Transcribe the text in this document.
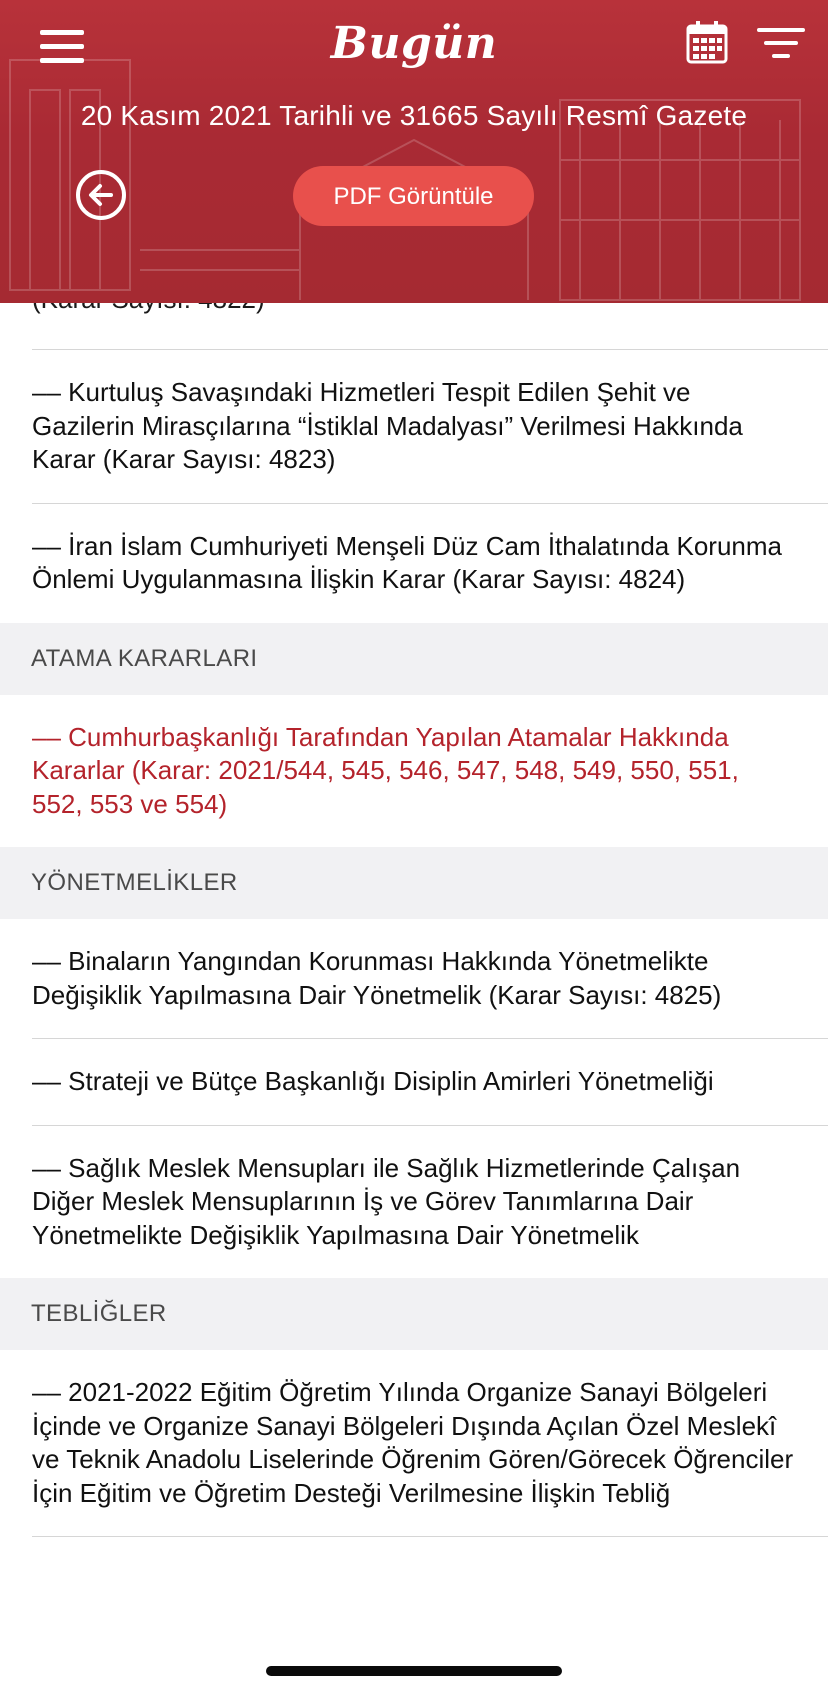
–– Kurtuluş Savaşındaki Hizmetleri Tespit Edilen Şehit ve Gazilerin Mirasçılarına “İstiklal Madalyası” Verilmesi Hakkında Karar (Karar Sayısı: 4823)
–– İran İslam Cumhuriyeti Menşeli Düz Cam İthalatında Korunma Önlemi Uygulanmasına İlişkin Karar (Karar Sayısı: 4824)
ATAMA KARARLARI
–– Cumhurbaşkanlığı Tarafından Yapılan Atamalar Hakkında Kararlar (Karar: 2021/544, 545, 546, 547, 548, 549, 550, 551, 552, 553 ve 554)
YÖNETMELİKLER
–– Binaların Yangından Korunması Hakkında Yönetmelikte Değişiklik Yapılmasına Dair Yönetmelik (Karar Sayısı: 4825)
–– Strateji ve Bütçe Başkanlığı Disiplin Amirleri Yönetmeliği
–– Sağlık Meslek Mensupları ile Sağlık Hizmetlerinde Çalışan Diğer Meslek Mensuplarının İş ve Görev Tanımlarına Dair Yönetmelikte Değişiklik Yapılmasına Dair Yönetmelik
TEBLİĞLER
–– 2021-2022 Eğitim Öğretim Yılında Organize Sanayi Bölgeleri İçinde ve Organize Sanayi Bölgeleri Dışında Açılan Özel Meslekî ve Teknik Anadolu Liselerinde Öğrenim Gören/Görecek Öğrenciler İçin Eğitim ve Öğretim Desteği Verilmesine İlişkin Tebliğ
Bugün
20 Kasım 2021 Tarihli ve 31665 Sayılı Resmî Gazete
PDF Görüntüle
